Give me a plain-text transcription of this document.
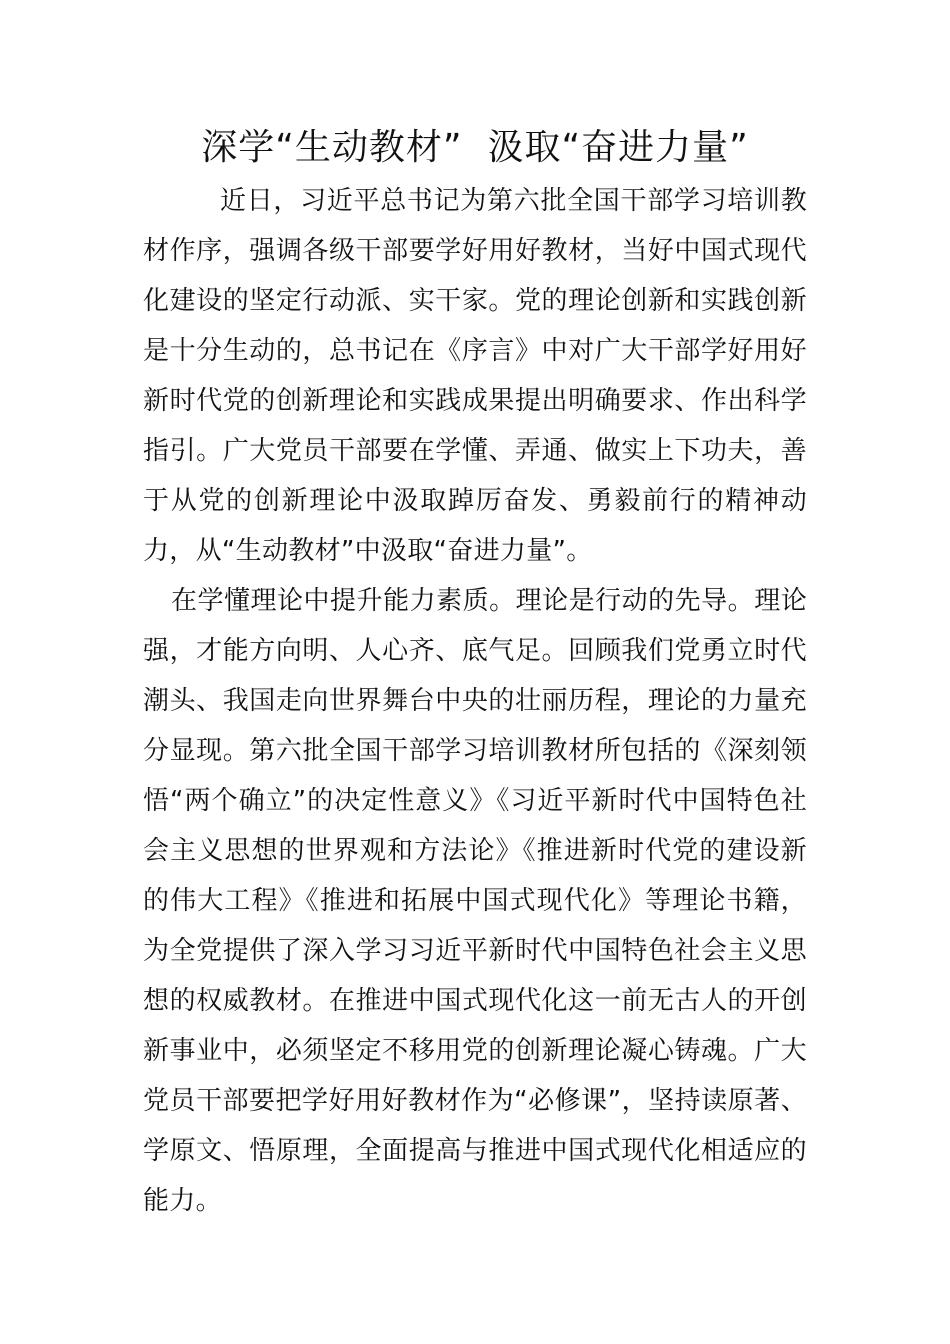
深学“生动教材”  汲取“奋进力量”

近日，习近平总书记为第六批全国干部学习培训教材作序，强调各级干部要学好用好教材，当好中国式现代化建设的坚定行动派、实干家。党的理论创新和实践创新是十分生动的，总书记在《序言》中对广大干部学好用好新时代党的创新理论和实践成果提出明确要求、作出科学指引。广大党员干部要在学懂、弄通、做实上下功夫，善于从党的创新理论中汲取踔厉奋发、勇毅前行的精神动力，从“生动教材”中汲取“奋进力量”。

在学懂理论中提升能力素质。理论是行动的先导。理论强，才能方向明、人心齐、底气足。回顾我们党勇立时代潮头、我国走向世界舞台中央的壮丽历程，理论的力量充分显现。第六批全国干部学习培训教材所包括的《深刻领悟“两个确立”的决定性意义》《习近平新时代中国特色社会主义思想的世界观和方法论》《推进新时代党的建设新的伟大工程》《推进和拓展中国式现代化》等理论书籍，为全党提供了深入学习习近平新时代中国特色社会主义思想的权威教材。在推进中国式现代化这一前无古人的开创新事业中，必须坚定不移用党的创新理论凝心铸魂。广大党员干部要把学好用好教材作为“必修课”，坚持读原著、学原文、悟原理，全面提高与推进中国式现代化相适应的能力。
